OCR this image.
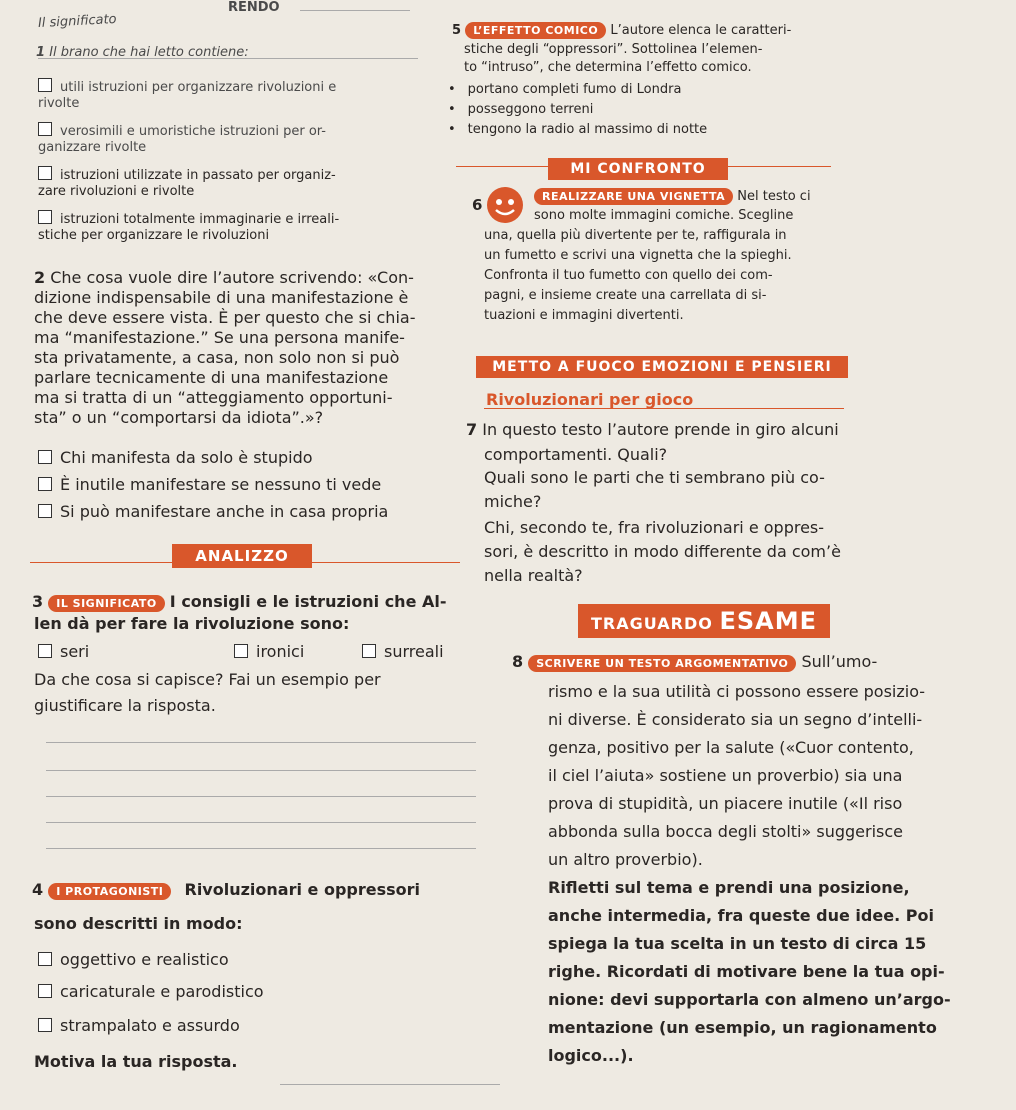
RENDO
Il significato
1 Il brano che hai letto contiene:
utili istruzioni per organizzare rivoluzioni e
rivolte
verosimili e umoristiche istruzioni per or-
ganizzare rivolte
istruzioni utilizzate in passato per organiz-
zare rivoluzioni e rivolte
istruzioni totalmente immaginarie e irreali-
stiche per organizzare le rivoluzioni
2 Che cosa vuole dire l’autore scrivendo: «Con-
dizione indispensabile di una manifestazione è
che deve essere vista. È per questo che si chia-
ma “manifestazione.” Se una persona manife-
sta privatamente, a casa, non solo non si può
parlare tecnicamente di una manifestazione
ma si tratta di un “atteggiamento opportuni-
sta” o un “comportarsi da idiota”.»?
Chi manifesta da solo è stupido
È inutile manifestare se nessuno ti vede
Si può manifestare anche in casa propria
ANALIZZO
3 IL SIGNIFICATO I consigli e le istruzioni che Al-
len dà per fare la rivoluzione sono:
seri	ironici	surreali
Da che cosa si capisce? Fai un esempio per
giustificare la risposta.
4 I PROTAGONISTI Rivoluzionari e oppressori
sono descritti in modo:
oggettivo e realistico
caricaturale e parodistico
strampalato e assurdo
Motiva la tua risposta.
5 L’EFFETTO COMICO L’autore elenca le caratteri-
stiche degli “oppressori”. Sottolinea l’elemen-
to “intruso”, che determina l’effetto comico.
• portano completi fumo di Londra
• posseggono terreni
• tengono la radio al massimo di notte
MI CONFRONTO
6	REALIZZARE UNA VIGNETTA Nel testo ci
sono molte immagini comiche. Scegline
una, quella più divertente per te, raffigurala in
un fumetto e scrivi una vignetta che la spieghi.
Confronta il tuo fumetto con quello dei com-
pagni, e insieme create una carrellata di si-
tuazioni e immagini divertenti.
METTO A FUOCO EMOZIONI E PENSIERI
Rivoluzionari per gioco
7 In questo testo l’autore prende in giro alcuni
comportamenti. Quali?
Quali sono le parti che ti sembrano più co-
miche?
Chi, secondo te, fra rivoluzionari e oppres-
sori, è descritto in modo differente da com’è
nella realtà?
TRAGUARDO ESAME
8 SCRIVERE UN TESTO ARGOMENTATIVO Sull’umo-
rismo e la sua utilità ci possono essere posizio-
ni diverse. È considerato sia un segno d’intelli-
genza, positivo per la salute («Cuor contento,
il ciel l’aiuta» sostiene un proverbio) sia una
prova di stupidità, un piacere inutile («Il riso
abbonda sulla bocca degli stolti» suggerisce
un altro proverbio).
Rifletti sul tema e prendi una posizione,
anche intermedia, fra queste due idee. Poi
spiega la tua scelta in un testo di circa 15
righe. Ricordati di motivare bene la tua opi-
nione: devi supportarla con almeno un’argo-
mentazione (un esempio, un ragionamento
logico...).
